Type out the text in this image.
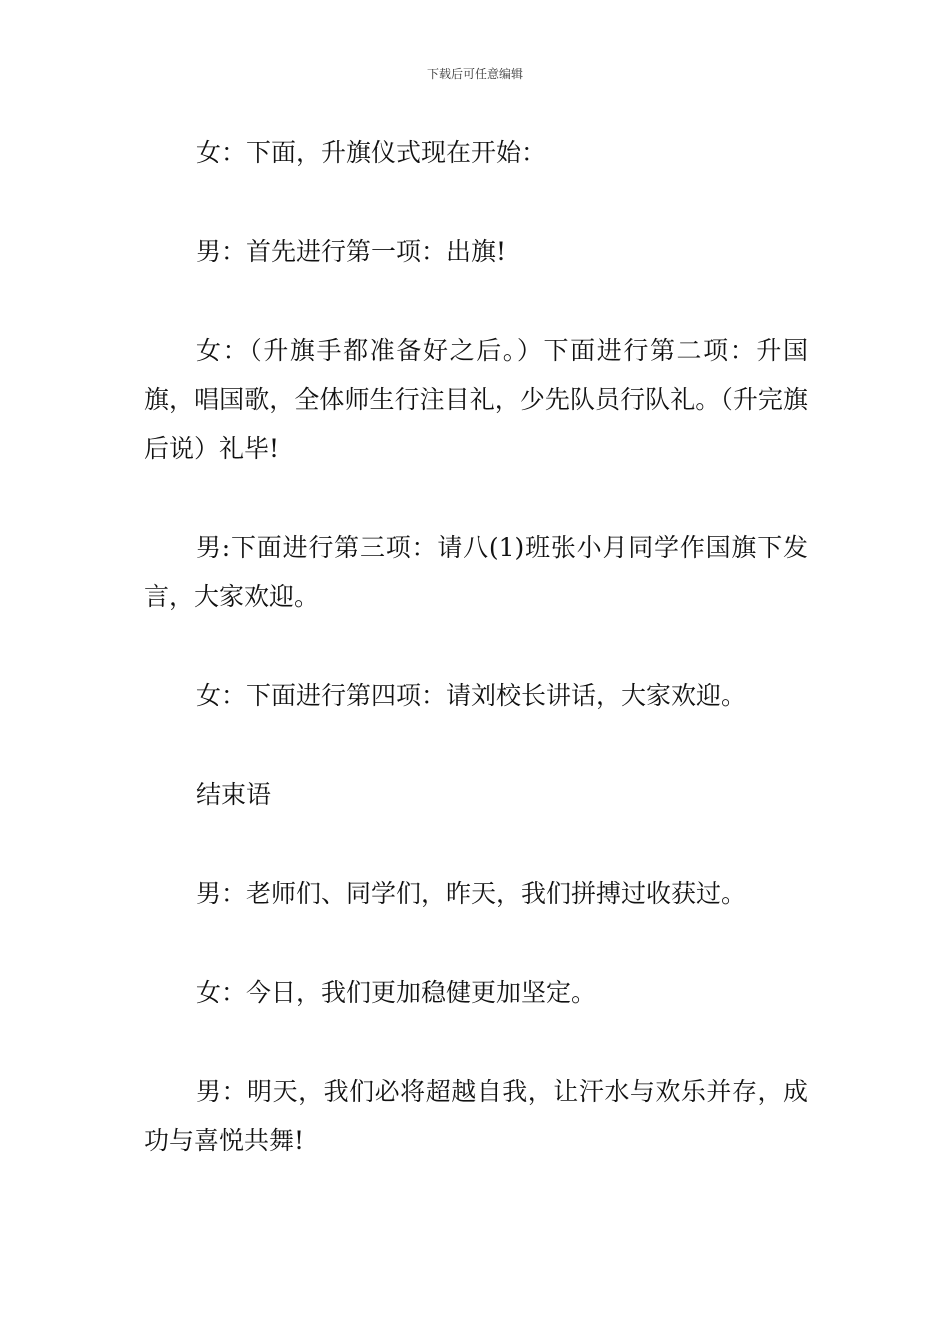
下载后可任意编辑

女：下面，升旗仪式现在开始：

男：首先进行第一项：出旗!

女：（升旗手都准备好之后。）下面进行第二项：升国旗，唱国歌，全体师生行注目礼，少先队员行队礼。（升完旗后说）礼毕!

男:下面进行第三项：请八(1)班张小月同学作国旗下发言，大家欢迎。

女：下面进行第四项：请刘校长讲话，大家欢迎。

结束语

男：老师们、同学们，昨天，我们拼搏过收获过。

女：今日，我们更加稳健更加坚定。

男：明天，我们必将超越自我，让汗水与欢乐并存，成功与喜悦共舞!
